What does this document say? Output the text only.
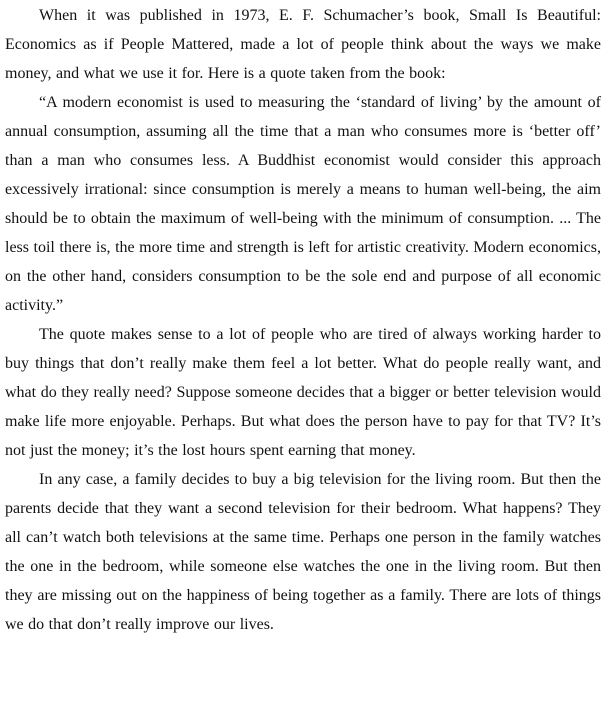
When it was published in 1973, E. F. Schumacher’s book, Small Is Beautiful: Economics as if People Mattered, made a lot of people think about the ways we make money, and what we use it for. Here is a quote taken from the book:

“A modern economist is used to measuring the ‘standard of living’ by the amount of annual consumption, assuming all the time that a man who consumes more is ‘better off’ than a man who consumes less. A Buddhist economist would consider this approach excessively irrational: since consumption is merely a means to human well-being, the aim should be to obtain the maximum of well-being with the minimum of consumption. ... The less toil there is, the more time and strength is left for artistic creativity. Modern economics, on the other hand, considers consumption to be the sole end and purpose of all economic activity.”

The quote makes sense to a lot of people who are tired of always working harder to buy things that don’t really make them feel a lot better. What do people really want, and what do they really need? Suppose someone decides that a bigger or better television would make life more enjoyable. Perhaps. But what does the person have to pay for that TV? It’s not just the money; it’s the lost hours spent earning that money.

In any case, a family decides to buy a big television for the living room. But then the parents decide that they want a second television for their bedroom. What happens? They all can’t watch both televisions at the same time. Perhaps one person in the family watches the one in the bedroom, while someone else watches the one in the living room. But then they are missing out on the happiness of being together as a family. There are lots of things we do that don’t really improve our lives.
